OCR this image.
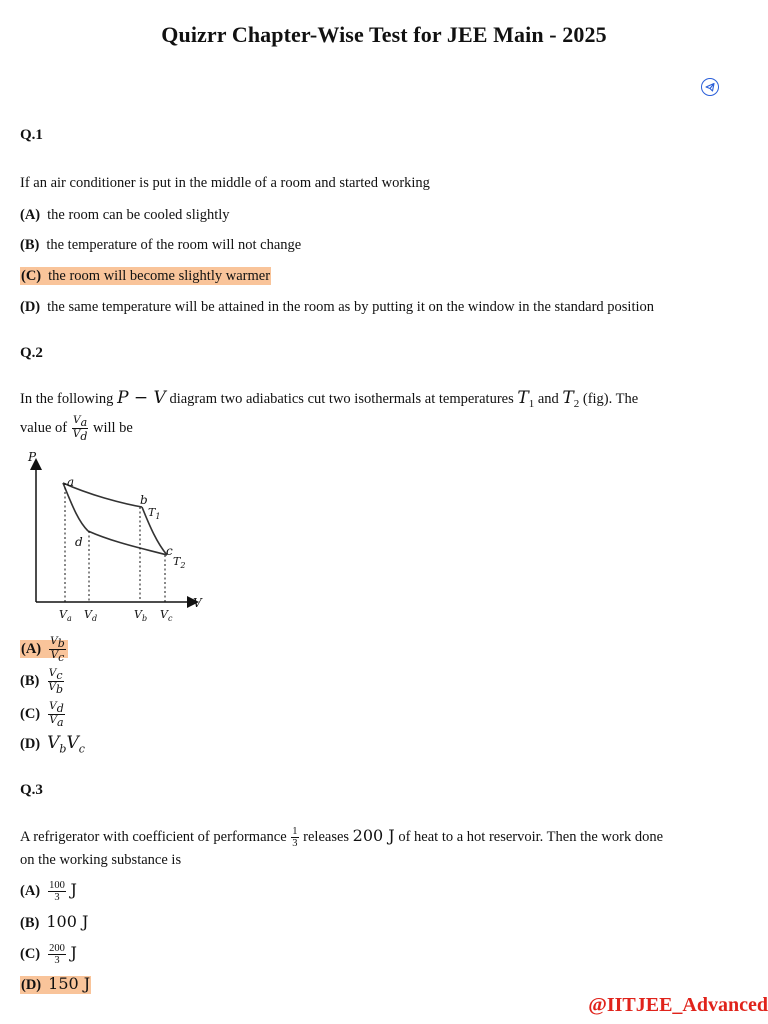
Quizrr Chapter-Wise Test for JEE Main - 2025
Q.1
If an air conditioner is put in the middle of a room and started working
(A) the room can be cooled slightly
(B) the temperature of the room will not change
(C) the room will become slightly warmer
(D) the same temperature will be attained in the room as by putting it on the window in the standard position
Q.2
In the following P − V diagram two adiabatics cut two isothermals at temperatures $T_1$ and $T_2$ (fig). The
value of $\frac{V_a}{V_d}$ will be
P
V
a
b
c
d
$T_1$
$T_2$
$V_a$ $V_d$	$V_b$ $V_c$
$(A) \frac{V_b}{V_c}$
$(B) \frac{V_c}{V_b}$
$(C) \frac{V_d}{V_a}$
(D) $V_bV_c$
Q.3
A refrigerator with coefficient of performance $\frac{1}{3}$ releases 200 J of heat to a hot reservoir. Then the work done
on the working substance is
$(A) \frac{100}{3}$ J
(B) 100 J
$(C) \frac{200}{3}$ J
(D) 150 J
@IITJEE_Advanced
